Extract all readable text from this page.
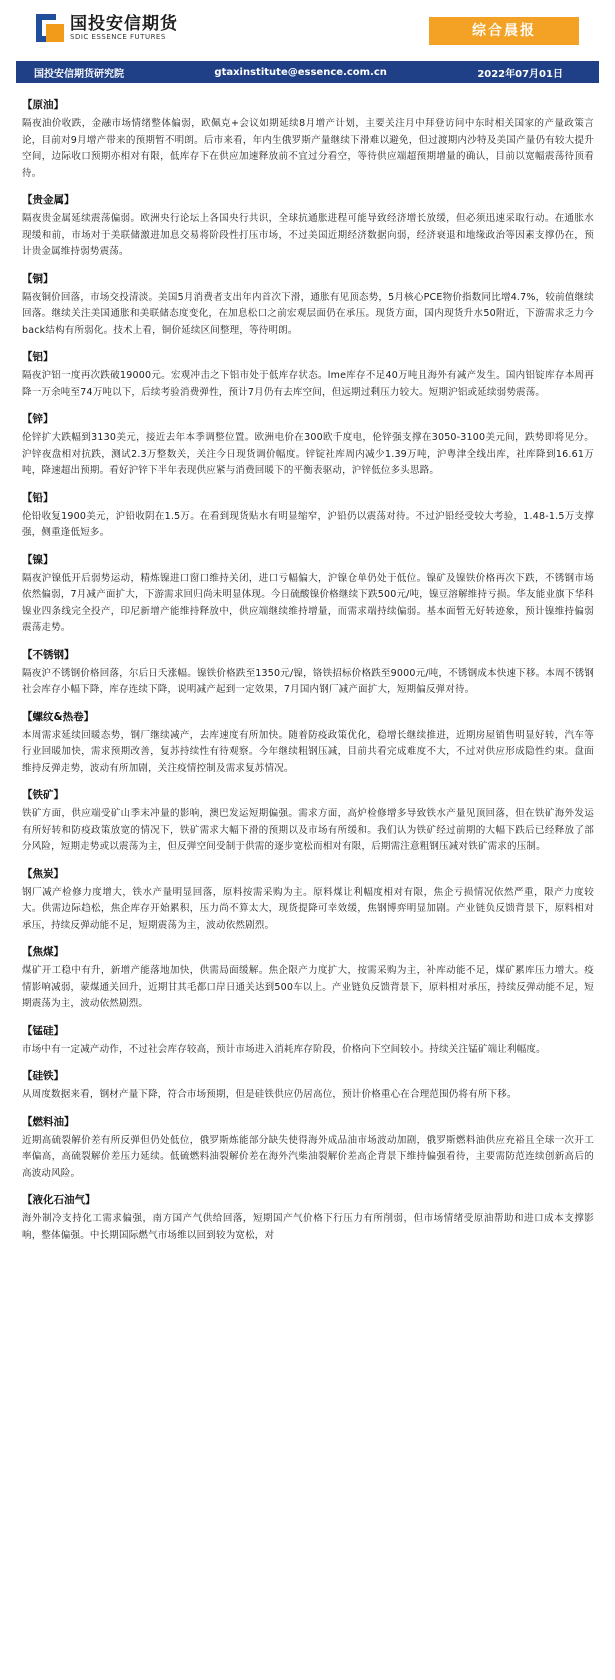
国投安信期货
SDIC ESSENCE FUTURES	综合晨报
国投安信期货研究院	gtaxinstitute@essence.com.cn	2022年07月01日
【原油】

隔夜油价收跌，金融市场情绪整体偏弱，欧佩克+会议如期延续8月增产计划，主要关注月中拜登访问中东时相关国家的产量政策言论，目前对9月增产带来的预期暂不明朗。后市来看，年内生俄罗斯产量继续下滑难以避免，但过渡期内沙特及美国产量仍有较大提升空间，边际收口预期亦相对有限，低库存下在供应加速释放前不宜过分看空，等待供应端超预期增量的确认，目前以宽幅震荡待顶看待。

【贵金属】

隔夜贵金属延续震荡偏弱。欧洲央行论坛上各国央行共识，全球抗通胀进程可能导致经济增长放缓，但必须迅速采取行动。在通胀水现缓和前，市场对于美联储激进加息交易将阶段性打压市场，不过美国近期经济数据向弱，经济衰退和地缘政治等因素支撑仍在，预计贵金属维持弱势震荡。

【铜】

隔夜铜价回落，市场交投清淡。美国5月消费者支出年内首次下滑，通胀有见顶态势，5月核心PCE物价指数同比增4.7%，较前值继续回落。继续关注美国通胀和美联储态度变化，在加息松口之前宏观层面仍在承压。现货方面，国内现货升水50附近，下游需求乏力今back结构有所弱化。技术上看，铜价延续区间整理，等待明朗。

【铝】

隔夜沪铝一度再次跌破19000元。宏观冲击之下铝市处于低库存状态。lme库存不足40万吨且海外有减产发生。国内铝锭库存本周再降一万余吨至74万吨以下，后续考验消费弹性，预计7月仍有去库空间，但远期过剩压力较大。短期沪铝或延续弱势震荡。

【锌】

伦锌扩大跌幅到3130美元，接近去年本季调整位置。欧洲电价在300欧千度电，伦锌强支撑在3050-3100美元间，跌势即将见分。沪锌夜盘相对抗跌，测试2.3万整数关，关注今日现货调价幅度。锌锭社库周内减少1.39万吨，沪粤津全线出库，社库降到16.61万吨，降速超出预期。看好沪锌下半年表现供应紧与消费回暖下的平衡表驱动，沪锌低位多头思路。

【铅】

伦铅收复1900美元，沪铅收阴在1.5万。在看到现货贴水有明显缩窄，沪铅仍以震荡对待。不过沪铅经受较大考验，1.48-1.5万支撑强，侧重逢低短多。

【镍】

隔夜沪镍低开后弱势运动，精炼镍进口窗口维持关闭，进口亏幅偏大，沪镍仓单仍处于低位。镍矿及镍铁价格再次下跌，不锈钢市场依然偏弱，7月减产面扩大，下游需求回归尚未明显体现。今日硫酸镍价格继续下跌500元/吨，镍豆溶解维持亏损。华友能业旗下华科镍业四条线完全投产，印尼新增产能维持释放中，供应端继续维持增量，而需求端持续偏弱。基本面暂无好转迹象，预计镍维持偏弱震荡走势。

【不锈钢】

隔夜沪不锈钢价格回落，尔后日夭涨幅。镍铁价格跌至1350元/镍，铬铁招标价格跌至9000元/吨，不锈钢成本快速下移。本周不锈钢社会库存小幅下降，库存连续下降，说明减产起到一定效果，7月国内钢厂减产面扩大，短期偏反弹对待。

【螺纹&热卷】

本周需求延续回暖态势，钢厂继续减产，去库速度有所加快。随着防疫政策优化，稳增长继续推进，近期房屋销售明显好转，汽车等行业回暖加快，需求预期改善，复苏持续性有待观察。今年继续粗钢压减，目前共看完成难度不大，不过对供应形成隐性约束。盘面维持反弹走势，波动有所加剧，关注疫情控制及需求复苏情况。

【铁矿】

铁矿方面，供应端受矿山季末冲量的影响，澳巴发运短期偏强。需求方面，高炉检修增多导致铁水产量见顶回落，但在铁矿海外发运有所好转和防疫政策放宽的情况下，铁矿需求大幅下滑的预期以及市场有所缓和。我们认为铁矿经过前期的大幅下跌后已经释放了部分风险，短期走势或以震荡为主，但反弹空间受制于供需的逐步宽松而相对有限，后期需注意粗钢压减对铁矿需求的压制。

【焦炭】

钢厂减产检修力度增大，铁水产量明显回落，原料按需采购为主。原料煤让利幅度相对有限，焦企亏损情况依然严重，限产力度较大。供需边际趋松，焦企库存开始累积，压力尚不算太大，现货提降可幸效缓，焦钢博弈明显加剧。产业链负反馈背景下，原料相对承压，持续反弹动能不足，短期震荡为主，波动依然剧烈。

【焦煤】

煤矿开工稳中有升，新增产能落地加快，供需局面缓解。焦企限产力度扩大，按需采购为主，补库动能不足，煤矿累库压力增大。疫情影响减弱，蒙煤通关回升，近期甘其毛都口岸日通关达到500车以上。产业链负反馈背景下，原料相对承压，持续反弹动能不足，短期震荡为主，波动依然剧烈。

【锰硅】

市场中有一定减产动作，不过社会库存较高，预计市场进入消耗库存阶段，价格向下空间较小。持续关注锰矿端让利幅度。

【硅铁】

从周度数据来看，钢材产量下降，符合市场预期，但是硅铁供应仍居高位，预计价格重心在合理范围仍将有所下移。

【燃料油】

近期高硫裂解价差有所反弹但仍处低位，俄罗斯炼能部分缺失使得海外成品油市场波动加剧，俄罗斯燃料油供应充裕且全球一次开工率偏高，高硫裂解价差压力延续。低硫燃料油裂解价差在海外汽柴油裂解价差高企背景下维持偏强看待，主要需防范连续创新高后的高波动风险。

【液化石油气】

海外制冷支持化工需求偏强，南方国产气供给回落，短期国产气价格下行压力有所削弱，但市场情绪受原油帮助和进口成本支撑影响，整体偏强。中长期国际燃气市场维以回到较为宽松，对
